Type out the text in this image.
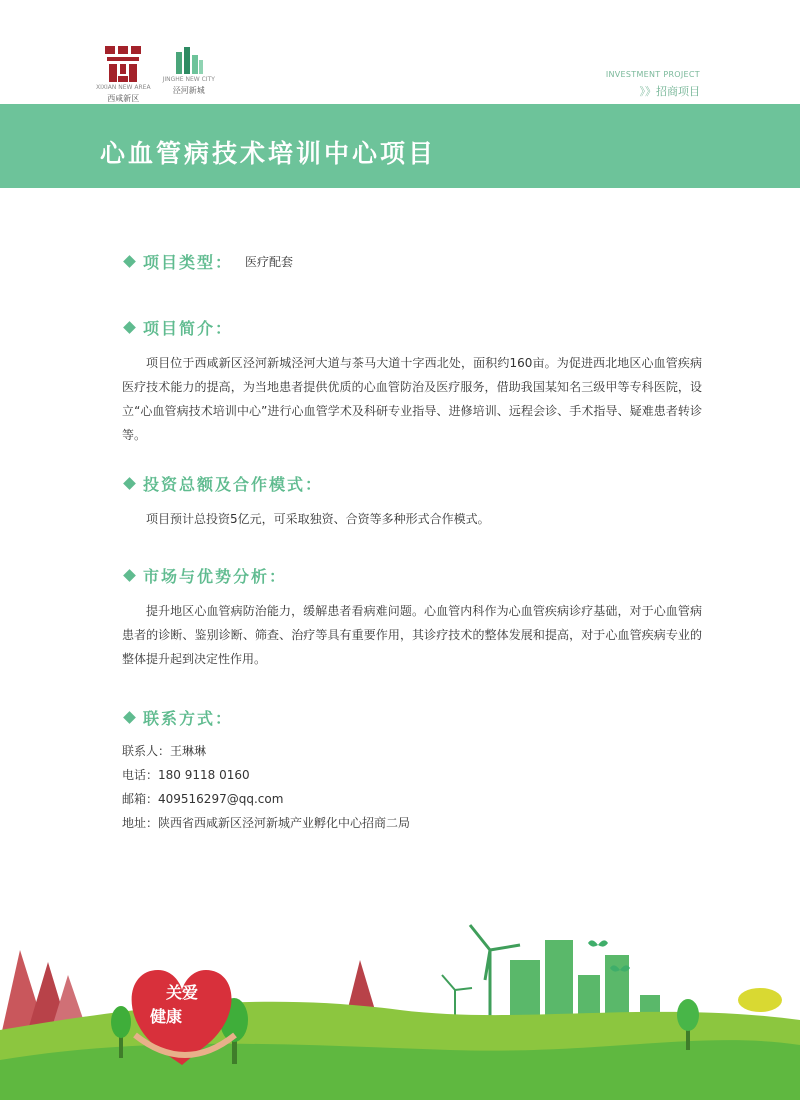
XIXIAN NEW AREA
西咸新区
JINGHE NEW CITY
泾河新城
INVESTMENT PROJECT
》》招商项目
心血管病技术培训中心项目
项目类型： 医疗配套
项目简介：

项目位于西咸新区泾河新城泾河大道与茶马大道十字西北处，面积约160亩。为促进西北地区心血管疾病医疗技术能力的提高，为当地患者提供优质的心血管防治及医疗服务，借助我国某知名三级甲等专科医院，设立“心血管病技术培训中心”进行心血管学术及科研专业指导、进修培训、远程会诊、手术指导、疑难患者转诊等。

投资总额及合作模式：

项目预计总投资5亿元，可采取独资、合资等多种形式合作模式。

市场与优势分析：

提升地区心血管病防治能力，缓解患者看病难问题。心血管内科作为心血管疾病诊疗基础，对于心血管病患者的诊断、鉴别诊断、筛查、治疗等具有重要作用，其诊疗技术的整体发展和提高，对于心血管疾病专业的整体提升起到决定性作用。

联系方式：
联系人：王琳琳
电话：180 9118 0160
邮箱：409516297@qq.com
地址：陕西省西咸新区泾河新城产业孵化中心招商二局
关爱
健康
